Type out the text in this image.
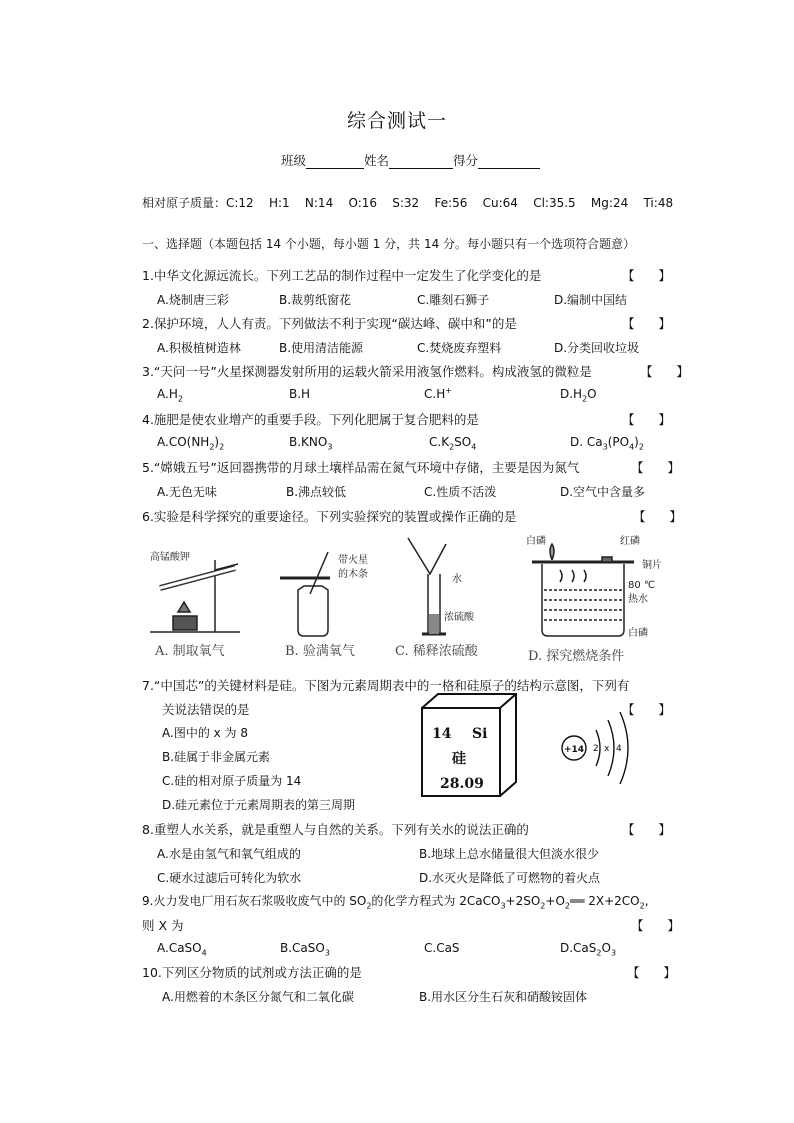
综合测试一
班级	姓名	得分
相对原子质量：C:12    H:1    N:14    O:16    S:32    Fe:56    Cu:64    Cl:35.5    Mg:24    Ti:48
一、选择题（本题包括 14 个小题，每小题 1 分，共 14 分。每小题只有一个选项符合题意）
1.中华文化源远流长。下列工艺品的制作过程中一定发生了化学变化的是	【      】
A.烧制唐三彩	B.裁剪纸窗花	C.雕刻石狮子	D.编制中国结
2.保护环境，人人有责。下列做法不利于实现“碳达峰、碳中和”的是	【      】
A.积极植树造林	B.使用清洁能源	C.焚烧废弃塑料	D.分类回收垃圾
3.“天问一号”火星探测器发射所用的运载火箭采用液氢作燃料。构成液氢的微粒是	【      】
$A.H_2$	B.H	C.H+	$D.H_2O$
4.施肥是使农业增产的重要手段。下列化肥属于复合肥料的是	【      】
$A.CO(NH_2)_2$	$B.KNO_3$	$C.K_2SO_4$	D. $Ca_3(PO_4)_2$
5.“嫦娥五号”返回器携带的月球土壤样品需在氮气环境中存储，主要是因为氮气	【      】
A.无色无味	B.沸点较低	C.性质不活泼	D.空气中含量多
6.实验是科学探究的重要途径。下列实验探究的装置或操作正确的是	【      】
高锰酸钾
A. 制取氧气
带火星
的木条
B. 验满氧气
水
浓硫酸
C. 稀释浓硫酸
白磷	红磷
铜片
80 ℃
热水
白磷
D. 探究燃烧条件
7.“中国芯”的关键材料是硅。下图为元素周期表中的一格和硅原子的结构示意图，下列有
关说法错误的是	【      】
A.图中的 x 为 8
B.硅属于非金属元素
C.硅的相对原子质量为 14
D.硅元素位于元素周期表的第三周期
14 Si
硅
28.09
+14 2 x 4
8.重塑人水关系，就是重塑人与自然的关系。下列有关水的说法正确的	【      】
A.水是由氢气和氧气组成的	B.地球上总水储量很大但淡水很少
C.硬水过滤后可转化为软水	D.水灭火是降低了可燃物的着火点
9.火力发电厂用石灰石浆吸收废气中的 $SO_2$的化学方程式为 $2CaCO_3+2SO_2+O_2══$ $2X+2CO_2$,
则 X 为	【      】
A.CaSO$_4$	B.CaSO$_3$	C.CaS	$D.CaS_2O_3$
10.下列区分物质的试剂或方法正确的是	【      】
A.用燃着的木条区分氮气和二氧化碳	B.用水区分生石灰和硝酸铵固体
